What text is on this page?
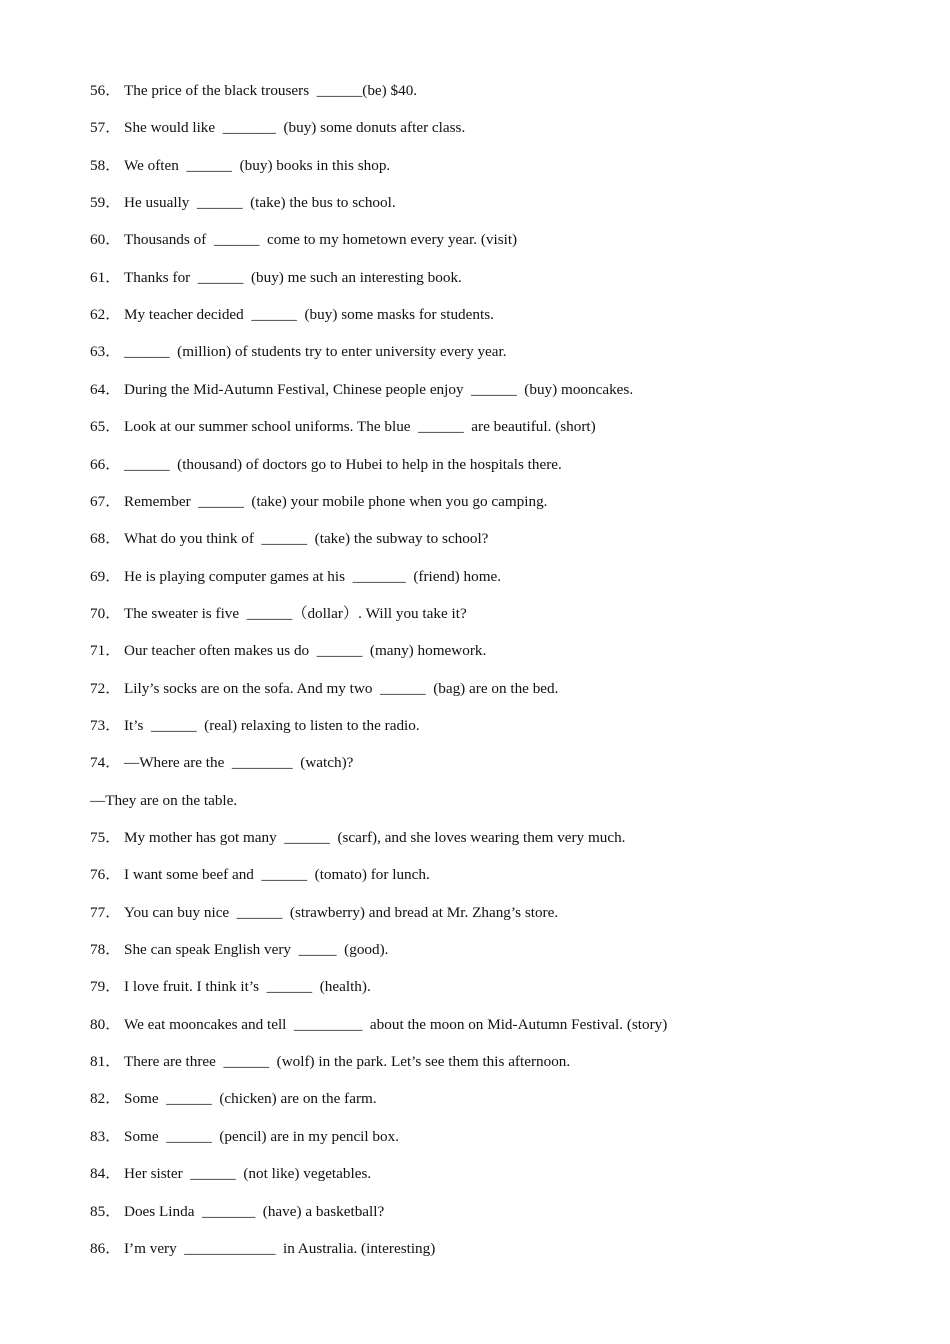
56． The price of the black trousers  ______(be) $40.
57． She would like  _______  (buy) some donuts after class.
58． We often  ______  (buy) books in this shop.
59． He usually  ______  (take) the bus to school.
60． Thousands of  ______  come to my hometown every year. (visit)
61． Thanks for  ______  (buy) me such an interesting book.
62． My teacher decided  ______  (buy) some masks for students.
63． ______  (million) of students try to enter university every year.
64． During the Mid-Autumn Festival, Chinese people enjoy  ______  (buy) mooncakes.
65． Look at our summer school uniforms. The blue  ______  are beautiful. (short)
66． ______  (thousand) of doctors go to Hubei to help in the hospitals there.
67． Remember  ______  (take) your mobile phone when you go camping.
68． What do you think of  ______  (take) the subway to school?
69． He is playing computer games at his  _______  (friend) home.
70． The sweater is five  ______（dollar）. Will you take it?
71． Our teacher often makes us do  ______  (many) homework.
72． Lily’s socks are on the sofa. And my two  ______  (bag) are on the bed.
73． It’s  ______  (real) relaxing to listen to the radio.
74． —Where are the  ________  (watch)?
—They are on the table.
75． My mother has got many  ______  (scarf), and she loves wearing them very much.
76． I want some beef and  ______  (tomato) for lunch.
77． You can buy nice  ______  (strawberry) and bread at Mr. Zhang’s store.
78． She can speak English very  _____  (good).
79． I love fruit. I think it’s  ______  (health).
80． We eat mooncakes and tell  _________  about the moon on Mid-Autumn Festival. (story)
81． There are three  ______  (wolf) in the park. Let’s see them this afternoon.
82． Some  ______  (chicken) are on the farm.
83． Some  ______  (pencil) are in my pencil box.
84． Her sister  ______  (not like) vegetables.
85． Does Linda  _______  (have) a basketball?
86． I’m very  ____________  in Australia. (interesting)
